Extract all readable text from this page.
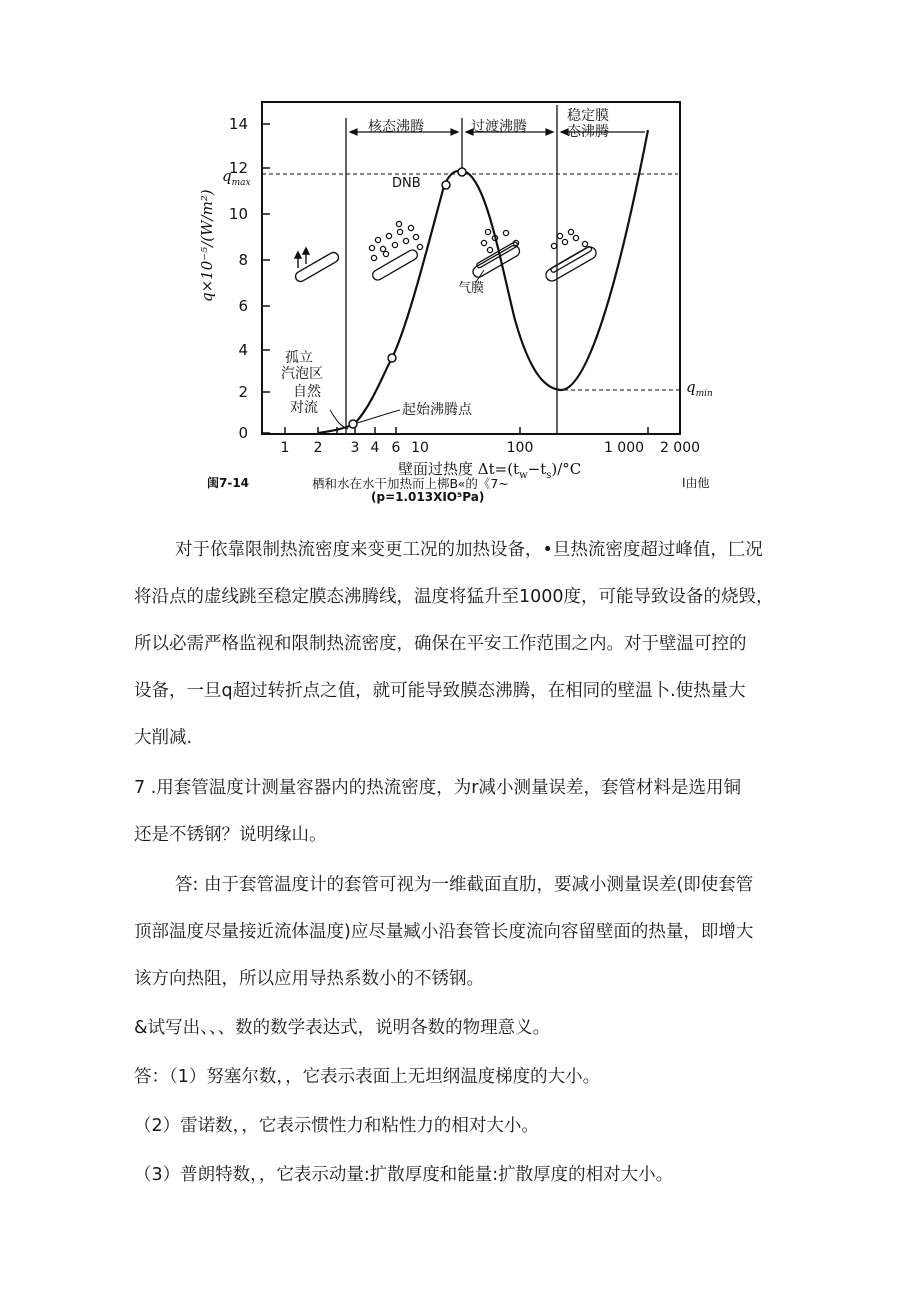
0
2
4
6
8
10
12
14
q×10⁻⁵/(W/m²)
1 2 3 4 6 10	100	1 000 2 000
壁面过热度 $\Delta t=(t_w-t_s)/^\circ C$
核态沸腾	过渡沸腾
稳定膜
态沸腾
$q_{max}$
$q_{min}$
DNB
孤立
汽泡区
自然
对流	起始沸腾点
气膜
闺7-14	栖和水在水干加热而上梆B«的《7~	I由他
(p=1.013XIO⁵Pa)
对于依靠限制热流密度来变更工况的加热设备，•旦热流密度超过峰值，匚况
将沿点的虚线跳至稳定膜态沸腾线，温度将猛升至1000度，可能导致设备的烧毁，
所以必需严格监视和限制热流密度，确保在平安工作范围之内。对于壁温可控的
设备，一旦q超过转折点之值，就可能导致膜态沸腾，在相同的壁温卜.使热量大
大削减.
7 .用套管温度计测量容器内的热流密度，为r减小测量误差，套管材料是选用铜
还是不锈钢？说明缘山。
答: 由于套管温度计的套管可视为一维截面直肋，要减小测量误差(即使套管
顶部温度尽量接近流体温度)应尽量臧小沿套管长度流向容留壁面的热量，即增大
该方向热阻，所以应用导热系数小的不锈钢。
&试写出、、、数的数学表达式，说明各数的物理意义。
答：（1）努塞尔数，，它表示表面上无坦纲温度梯度的大小。
（2）雷诺数，，它表示惯性力和粘性力的相对大小。
（3）普朗特数，，它表示动量:扩散厚度和能量:扩散厚度的相对大小。
